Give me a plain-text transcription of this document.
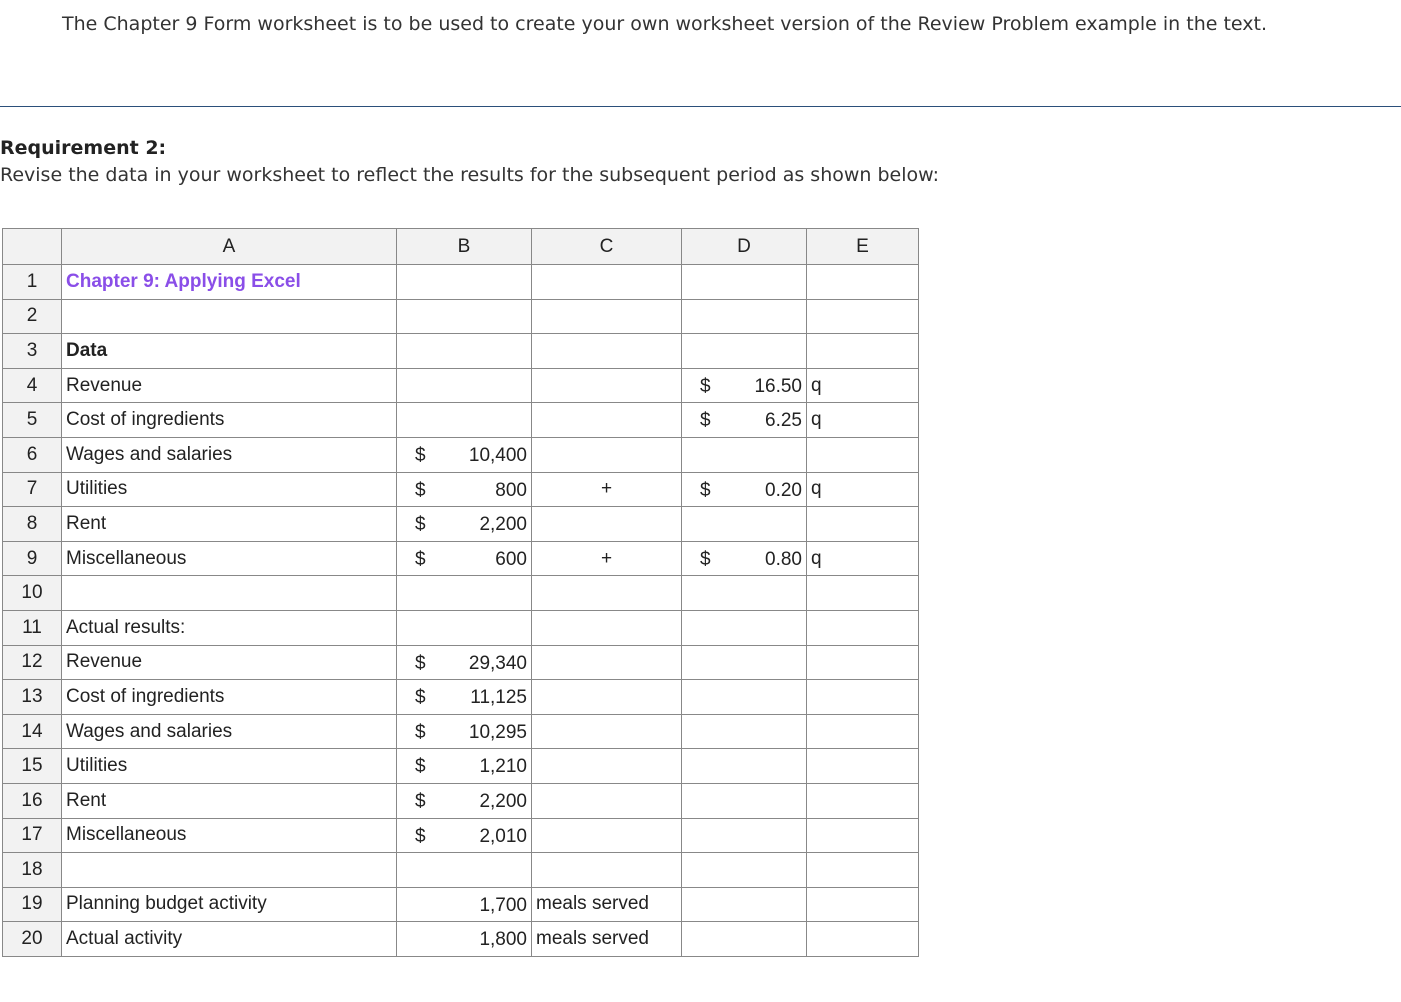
The Chapter 9 Form worksheet is to be used to create your own worksheet version of the Review Problem example in the text.
Requirement 2:
Revise the data in your worksheet to reflect the results for the subsequent period as shown below:
	A	B	C	D	E
1	Chapter 9: Applying Excel				
2					
3	Data				
4	Revenue			$ 16.50	q
5	Cost of ingredients			$ 6.25	q
6	Wages and salaries	$ 10,400			

7	Utilities	$ 800	+	$ 0.20	q
8	Rent	$ 2,200			

9	Miscellaneous	$ 600	+	$ 0.80	q
10					
11	Actual results:				
12	Revenue	$ 29,340			

13	Cost of ingredients	$ 11,125			

14	Wages and salaries	$ 10,295			

15	Utilities	$ 1,210			

16	Rent	$ 2,200			

17	Miscellaneous	$ 2,010			

18					
19	Planning budget activity	1,700	meals served		
20	Actual activity	1,800	meals served		
